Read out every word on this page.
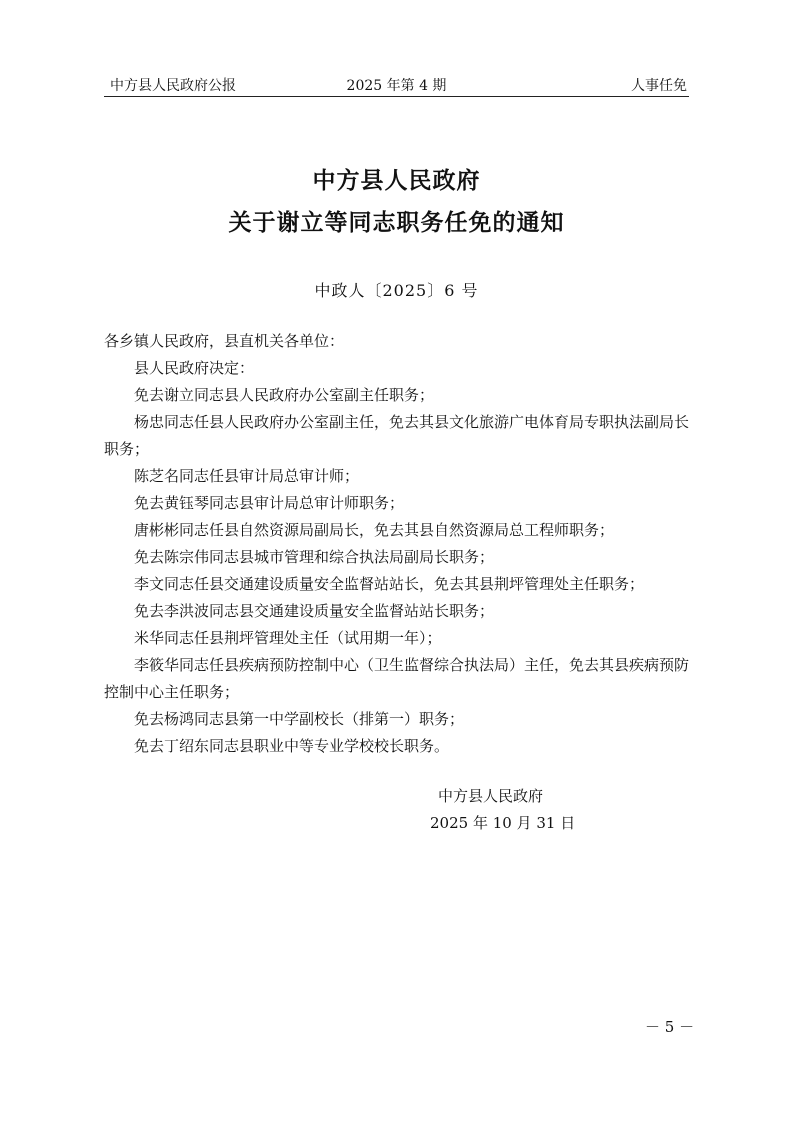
中方县人民政府公报	2025 年第 4 期	人事任免
中方县人民政府
关于谢立等同志职务任免的通知
中政人〔2025〕6 号

各乡镇人民政府，县直机关各单位：

县人民政府决定：

免去谢立同志县人民政府办公室副主任职务；

杨忠同志任县人民政府办公室副主任，免去其县文化旅游广电体育局专职执法副局长职务；

陈芝名同志任县审计局总审计师；

免去黄钰琴同志县审计局总审计师职务；

唐彬彬同志任县自然资源局副局长，免去其县自然资源局总工程师职务；

免去陈宗伟同志县城市管理和综合执法局副局长职务；

李文同志任县交通建设质量安全监督站站长，免去其县荆坪管理处主任职务；

免去李洪波同志县交通建设质量安全监督站站长职务；

米华同志任县荆坪管理处主任（试用期一年）；

李筱华同志任县疾病预防控制中心（卫生监督综合执法局）主任，免去其县疾病预防控制中心主任职务；

免去杨鸿同志县第一中学副校长（排第一）职务；

免去丁绍东同志县职业中等专业学校校长职务。

中方县人民政府
2025 年 10 月 31 日
－ 5 －
